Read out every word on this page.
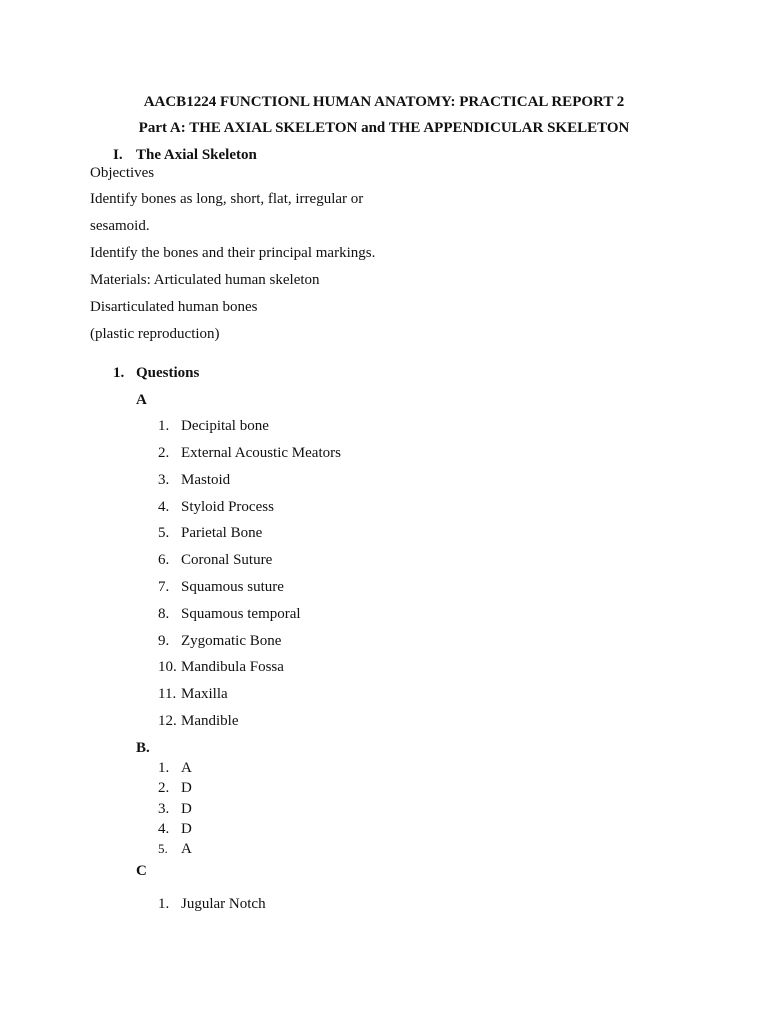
AACB1224 FUNCTIONL HUMAN ANATOMY: PRACTICAL REPORT 2
Part A: THE AXIAL SKELETON and THE APPENDICULAR SKELETON
I. The Axial Skeleton
Objectives
Identify bones as long, short, flat, irregular or
sesamoid.
Identify the bones and their principal markings.
Materials: Articulated human skeleton
Disarticulated human bones
(plastic reproduction)
1. Questions
A
1. Decipital bone
2. External Acoustic Meators
3. Mastoid
4. Styloid Process
5. Parietal Bone
6. Coronal Suture
7. Squamous suture
8. Squamous temporal
9. Zygomatic Bone
10. Mandibula Fossa
11. Maxilla
12. Mandible
B.
1. A
2. D
3. D
4. D
5. A
C
1. Jugular Notch
